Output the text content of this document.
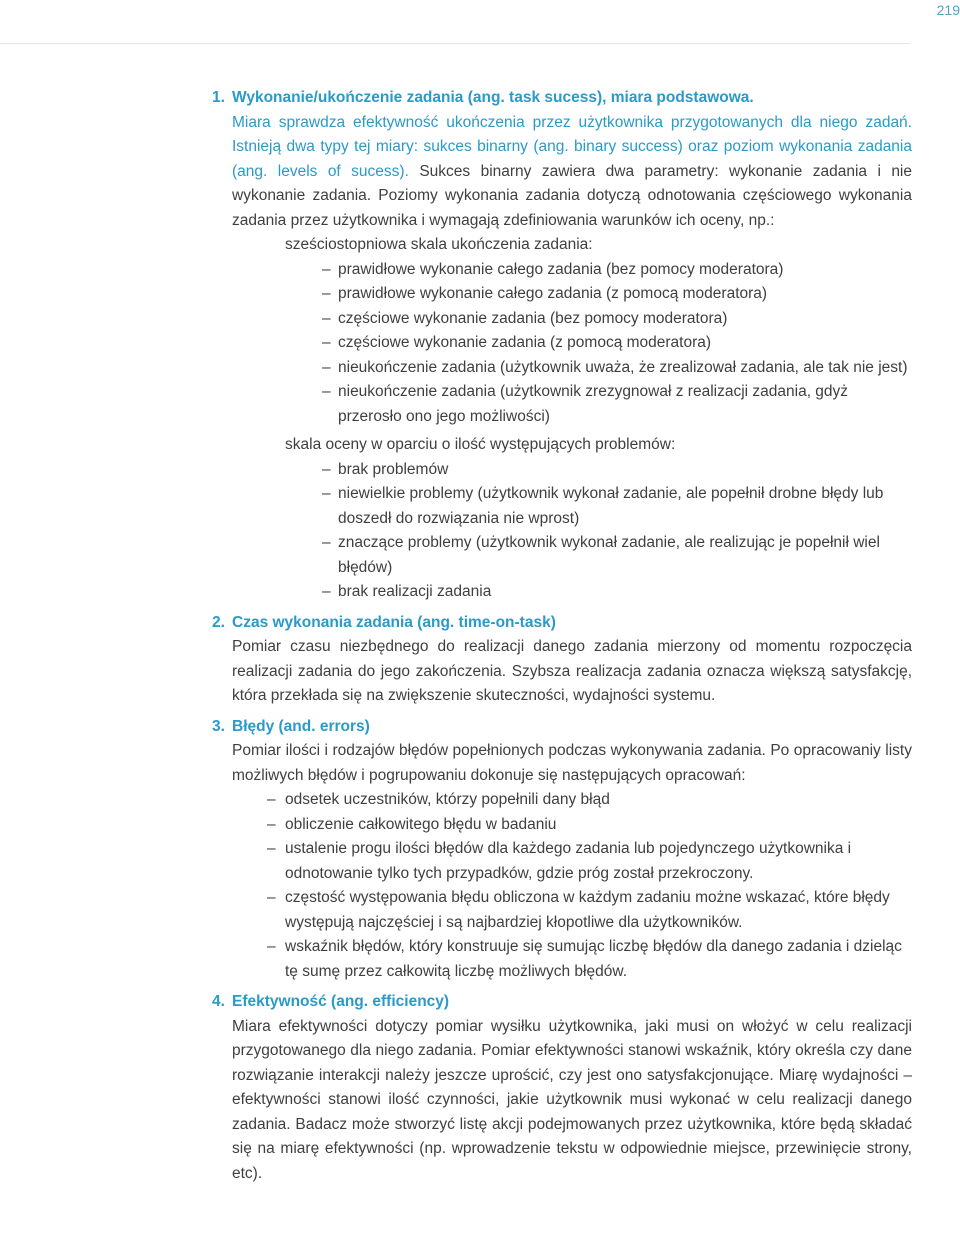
219

1. Wykonanie/ukończenie zadania (ang. task sucess), miara podstawowa.

Miara sprawdza efektywność ukończenia przez użytkownika przygotowanych dla niego zadań. Istnieją dwa typy tej miary: sukces binarny (ang. binary success) oraz poziom wykonania zadania (ang. levels of sucess). Sukces binarny zawiera dwa parametry: wykonanie zadania i nie wykonanie zadania. Poziomy wykonania zadania dotyczą odnotowania częściowego wykonania zadania przez użytkownika i wymagają zdefiniowania warunków ich oceny, np.:

sześciostopniowa skala ukończenia zadania:

– prawidłowe wykonanie całego zadania (bez pomocy moderatora)
– prawidłowe wykonanie całego zadania (z pomocą moderatora)
– częściowe wykonanie zadania (bez pomocy moderatora)
– częściowe wykonanie zadania (z pomocą moderatora)
– nieukończenie zadania (użytkownik uważa, że zrealizował zadania, ale tak nie jest)
– nieukończenie zadania (użytkownik zrezygnował z realizacji zadania, gdyż przerosło ono jego możliwości)

skala oceny w oparciu o ilość występujących problemów:

– brak problemów
– niewielkie problemy (użytkownik wykonał zadanie, ale popełnił drobne błędy lub doszedł do rozwiązania nie wprost)
– znaczące problemy (użytkownik wykonał zadanie, ale realizując je popełnił wiel błędów)
– brak realizacji zadania

2. Czas wykonania zadania (ang. time-on-task)

Pomiar czasu niezbędnego do realizacji danego zadania mierzony od momentu rozpoczęcia realizacji zadania do jego zakończenia. Szybsza realizacja zadania oznacza większą satysfakcję, która przekłada się na zwiększenie skuteczności, wydajności systemu.

3. Błędy (and. errors)

Pomiar ilości i rodzajów błędów popełnionych podczas wykonywania zadania. Po opracowaniy listy możliwych błędów i pogrupowaniu dokonuje się następujących opracowań:

– odsetek uczestników, którzy popełnili dany błąd
– obliczenie całkowitego błędu w badaniu
– ustalenie progu ilości błędów dla każdego zadania lub pojedynczego użytkownika i odnotowanie tylko tych przypadków, gdzie próg został przekroczony.
– częstość występowania błędu obliczona w każdym zadaniu możne wskazać, które błędy występują najczęściej i są najbardziej kłopotliwe dla użytkowników.
– wskaźnik błędów, który konstruuje się sumując liczbę błędów dla danego zadania i dzieląc tę sumę przez całkowitą liczbę możliwych błędów.

4. Efektywność (ang. efficiency)

Miara efektywności dotyczy pomiar wysiłku użytkownika, jaki musi on włożyć w celu realizacji przygotowanego dla niego zadania. Pomiar efektywności stanowi wskaźnik, który określa czy dane rozwiązanie interakcji należy jeszcze uprościć, czy jest ono satysfakcjonujące. Miarę wydajności – efektywności stanowi ilość czynności, jakie użytkownik musi wykonać w celu realizacji danego zadania. Badacz może stworzyć listę akcji podejmowanych przez użytkownika, które będą składać się na miarę efektywności (np. wprowadzenie tekstu w odpowiednie miejsce, przewinięcie strony, etc).
